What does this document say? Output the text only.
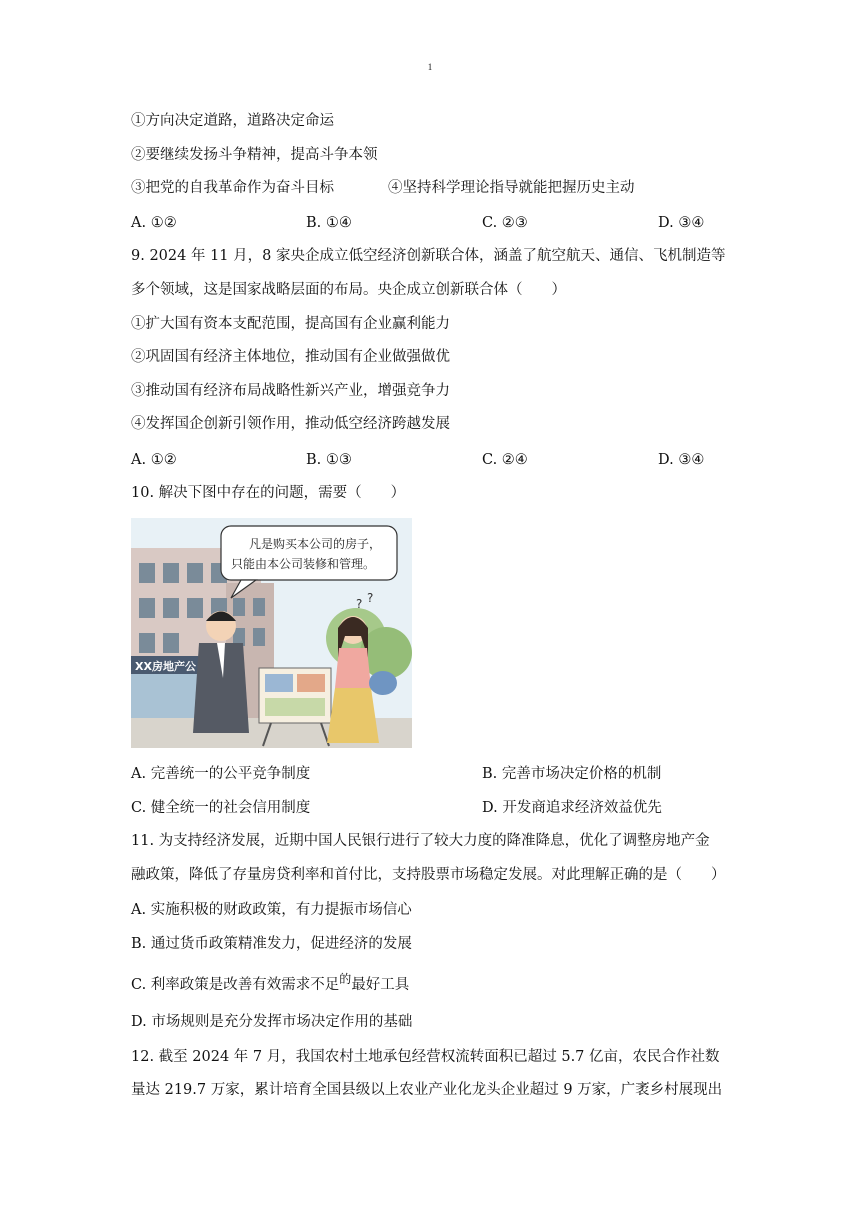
1
①方向决定道路，道路决定命运
②要继续发扬斗争精神，提高斗争本领
③把党的自我革命作为奋斗目标	④坚持科学理论指导就能把握历史主动
A. ①②	B. ①④	C. ②③	D. ③④
9. 2024 年 11 月，8 家央企成立低空经济创新联合体，涵盖了航空航天、通信、飞机制造等
多个领域，这是国家战略层面的布局。央企成立创新联合体（　　）
①扩大国有资本支配范围，提高国有企业赢利能力
②巩固国有经济主体地位，推动国有企业做强做优
③推动国有经济布局战略性新兴产业，增强竞争力
④发挥国企创新引领作用，推动低空经济跨越发展
A. ①②	B. ①③	C. ②④	D. ③④
10. 解决下图中存在的问题，需要（　　）
XX房地产公
凡是购买本公司的房子，
只能由本公司装修和管理。
? ?
A. 完善统一的公平竞争制度	B. 完善市场决定价格的机制
C. 健全统一的社会信用制度	D. 开发商追求经济效益优先
11. 为支持经济发展，近期中国人民银行进行了较大力度的降准降息，优化了调整房地产金
融政策，降低了存量房贷利率和首付比，支持股票市场稳定发展。对此理解正确的是（　　）
A. 实施积极的财政政策，有力提振市场信心
B. 通过货币政策精准发力，促进经济的发展
C. 利率政策是改善有效需求不足$^的$最好工具
D. 市场规则是充分发挥市场决定作用的基础
12. 截至 2024 年 7 月，我国农村土地承包经营权流转面积已超过 5.7 亿亩，农民合作社数
量达 219.7 万家，累计培育全国县级以上农业产业化龙头企业超过 9 万家，广袤乡村展现出
